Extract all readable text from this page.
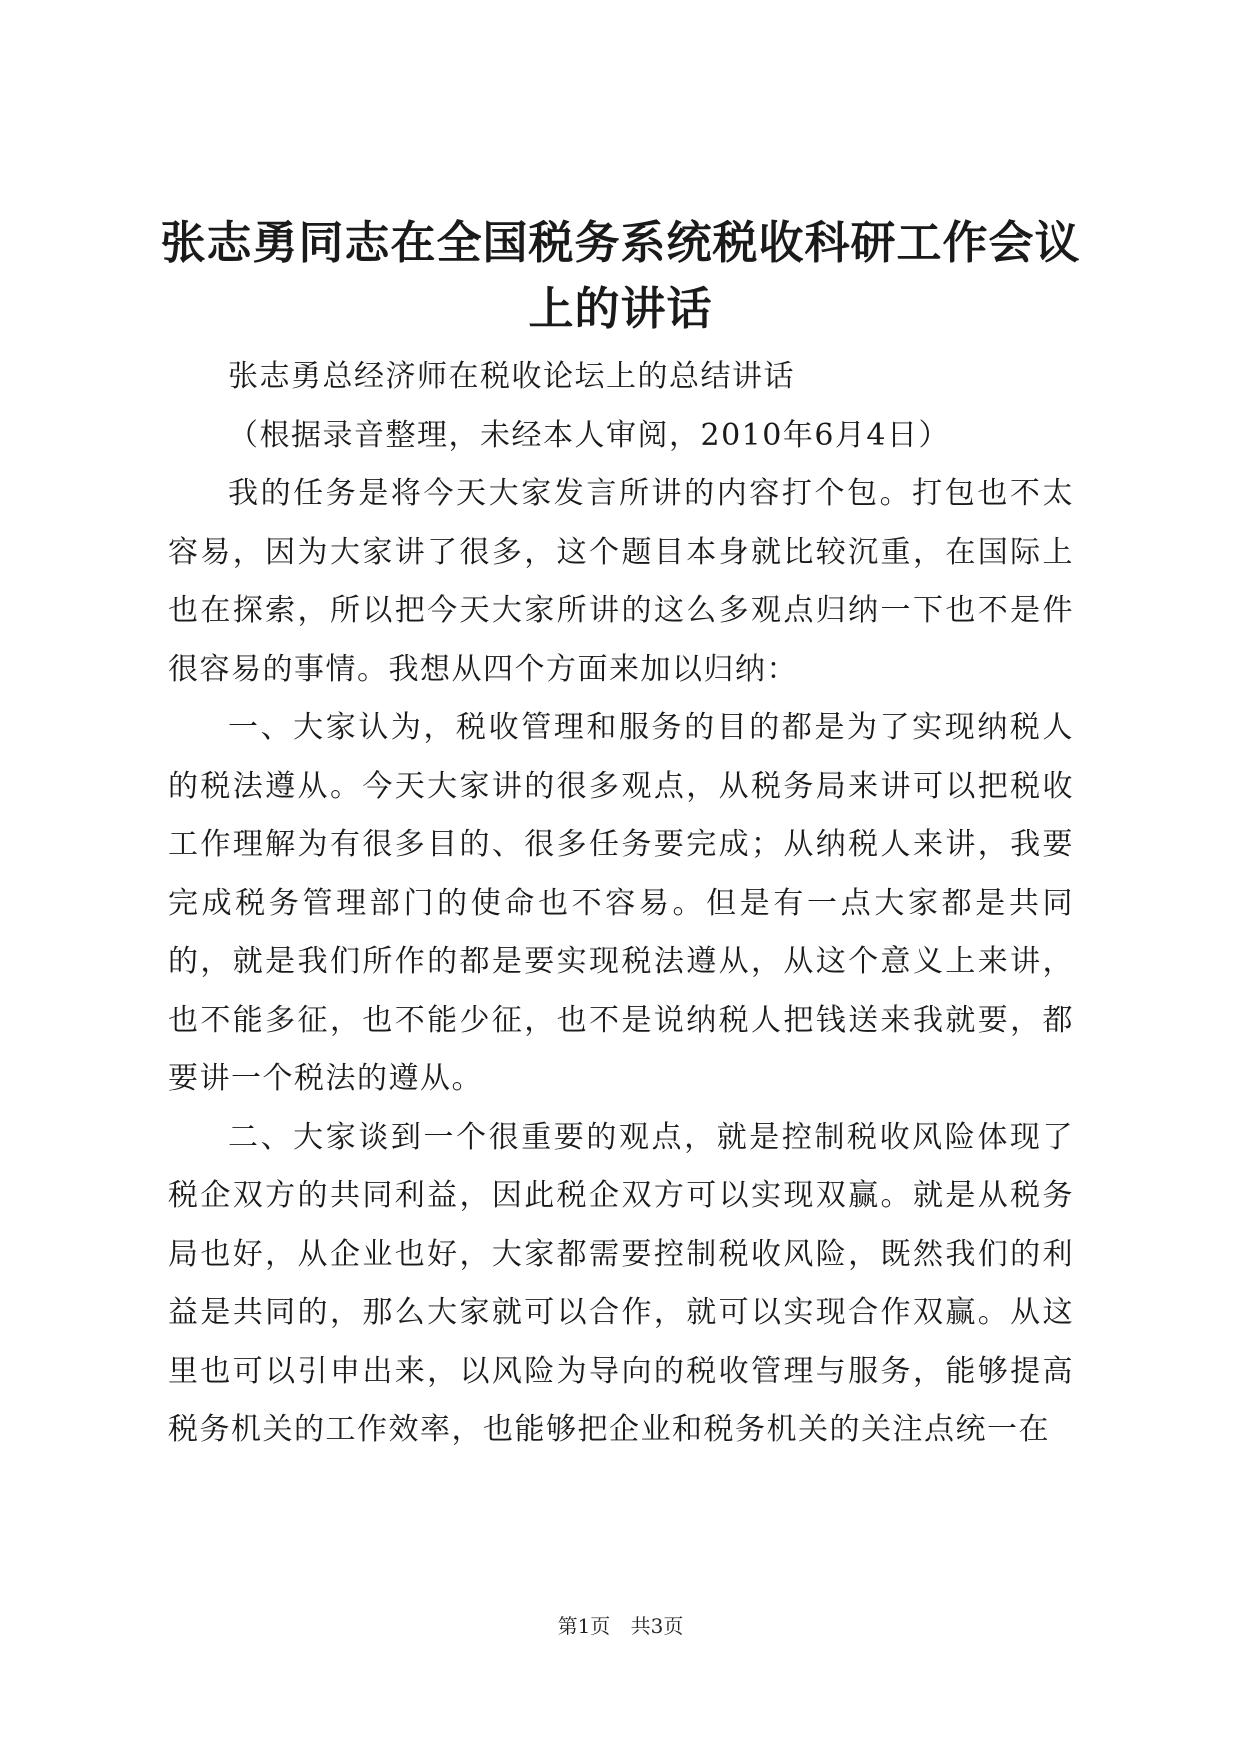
张志勇同志在全国税务系统税收科研工作会议上的讲话

张志勇总经济师在税收论坛上的总结讲话

（根据录音整理，未经本人审阅，2010年6月4日）

我的任务是将今天大家发言所讲的内容打个包。打包也不太容易，因为大家讲了很多，这个题目本身就比较沉重，在国际上也在探索，所以把今天大家所讲的这么多观点归纳一下也不是件很容易的事情。我想从四个方面来加以归纳：

一、大家认为，税收管理和服务的目的都是为了实现纳税人的税法遵从。今天大家讲的很多观点，从税务局来讲可以把税收工作理解为有很多目的、很多任务要完成；从纳税人来讲，我要完成税务管理部门的使命也不容易。但是有一点大家都是共同的，就是我们所作的都是要实现税法遵从，从这个意义上来讲，也不能多征，也不能少征，也不是说纳税人把钱送来我就要，都要讲一个税法的遵从。

二、大家谈到一个很重要的观点，就是控制税收风险体现了税企双方的共同利益，因此税企双方可以实现双赢。就是从税务局也好，从企业也好，大家都需要控制税收风险，既然我们的利益是共同的，那么大家就可以合作，就可以实现合作双赢。从这里也可以引申出来，以风险为导向的税收管理与服务，能够提高税务机关的工作效率，也能够把企业和税务机关的关注点统一在

第1页 共3页
